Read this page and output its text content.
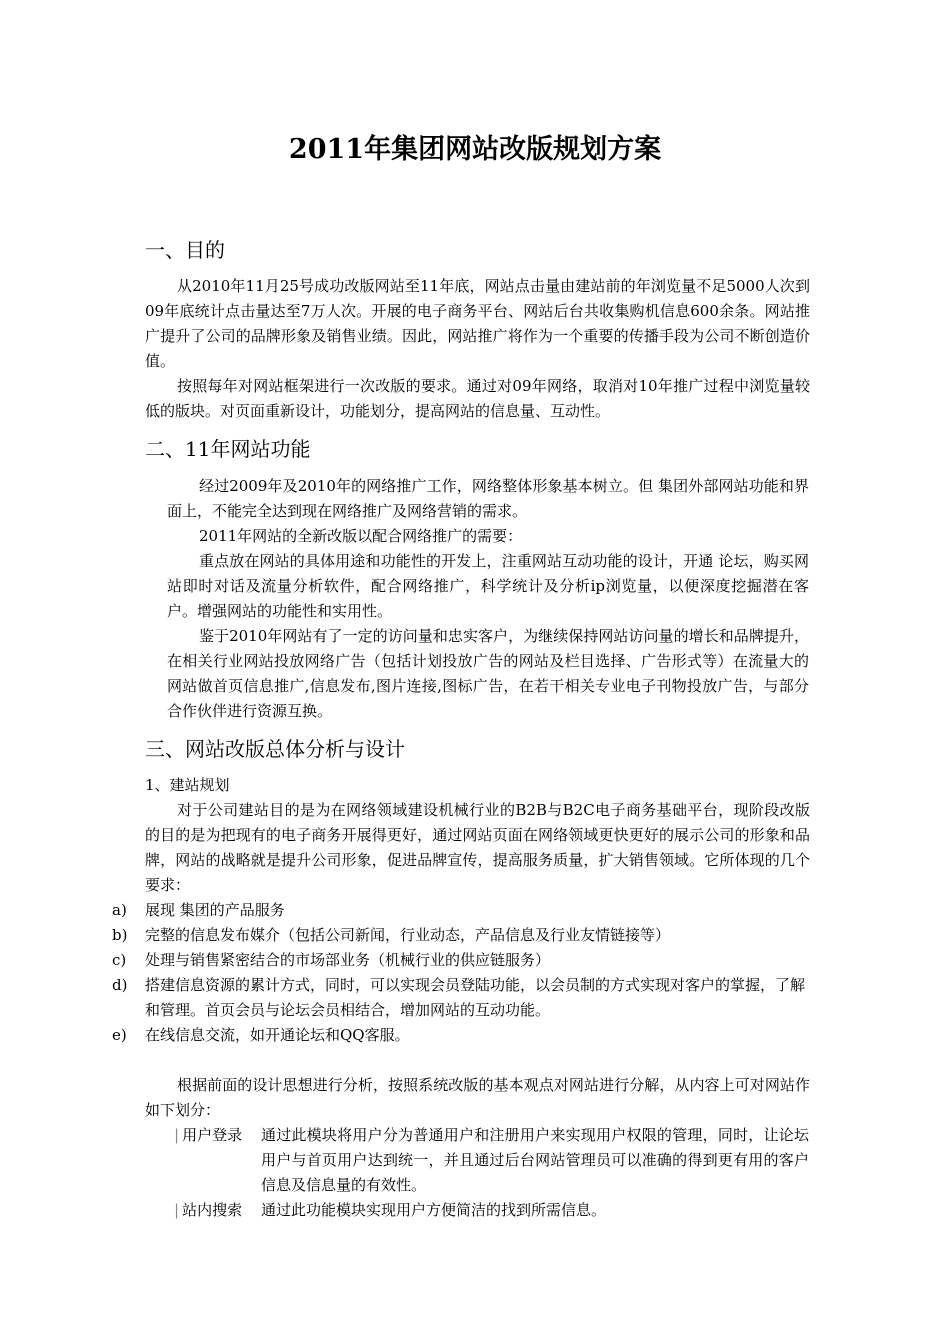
2011年集团网站改版规划方案
一、目的

从2010年11月25号成功改版网站至11年底，网站点击量由建站前的年浏览量不足5000人次到09年底统计点击量达至7万人次。开展的电子商务平台、网站后台共收集购机信息600余条。网站推广提升了公司的品牌形象及销售业绩。因此，网站推广将作为一个重要的传播手段为公司不断创造价值。

按照每年对网站框架进行一次改版的要求。通过对09年网络，取消对10年推广过程中浏览量较低的版块。对页面重新设计，功能划分，提高网站的信息量、互动性。

二、11年网站功能

经过2009年及2010年的网络推广工作，网络整体形象基本树立。但 集团外部网站功能和界面上，不能完全达到现在网络推广及网络营销的需求。

2011年网站的全新改版以配合网络推广的需要：

重点放在网站的具体用途和功能性的开发上，注重网站互动功能的设计，开通 论坛，购买网站即时对话及流量分析软件，配合网络推广，科学统计及分析ip浏览量，以便深度挖掘潜在客户。增强网站的功能性和实用性。

鉴于2010年网站有了一定的访问量和忠实客户，为继续保持网站访问量的增长和品牌提升，在相关行业网站投放网络广告（包括计划投放广告的网站及栏目选择、广告形式等）在流量大的网站做首页信息推广,信息发布,图片连接,图标广告，在若干相关专业电子刊物投放广告，与部分合作伙伴进行资源互换。

三、网站改版总体分析与设计
1、建站规划

对于公司建站目的是为在网络领域建设机械行业的B2B与B2C电子商务基础平台，现阶段改版的目的是为把现有的电子商务开展得更好，通过网站页面在网络领域更快更好的展示公司的形象和品牌，网站的战略就是提升公司形象，促进品牌宣传，提高服务质量，扩大销售领域。它所体现的几个要求：

a) 展现 集团的产品服务

b) 完整的信息发布媒介（包括公司新闻，行业动态，产品信息及行业友情链接等）

c) 处理与销售紧密结合的市场部业务（机械行业的供应链服务）

d) 搭建信息资源的累计方式，同时，可以实现会员登陆功能，以会员制的方式实现对客户的掌握，了解和管理。首页会员与论坛会员相结合，增加网站的互动功能。

e) 在线信息交流，如开通论坛和QQ客服。

根据前面的设计思想进行分析，按照系统改版的基本观点对网站进行分解，从内容上可对网站作如下划分：

| 用户登录 通过此模块将用户分为普通用户和注册用户来实现用户权限的管理，同时，让论坛用户与首页用户达到统一，并且通过后台网站管理员可以准确的得到更有用的客户信息及信息量的有效性。

| 站内搜索 通过此功能模块实现用户方便简洁的找到所需信息。
